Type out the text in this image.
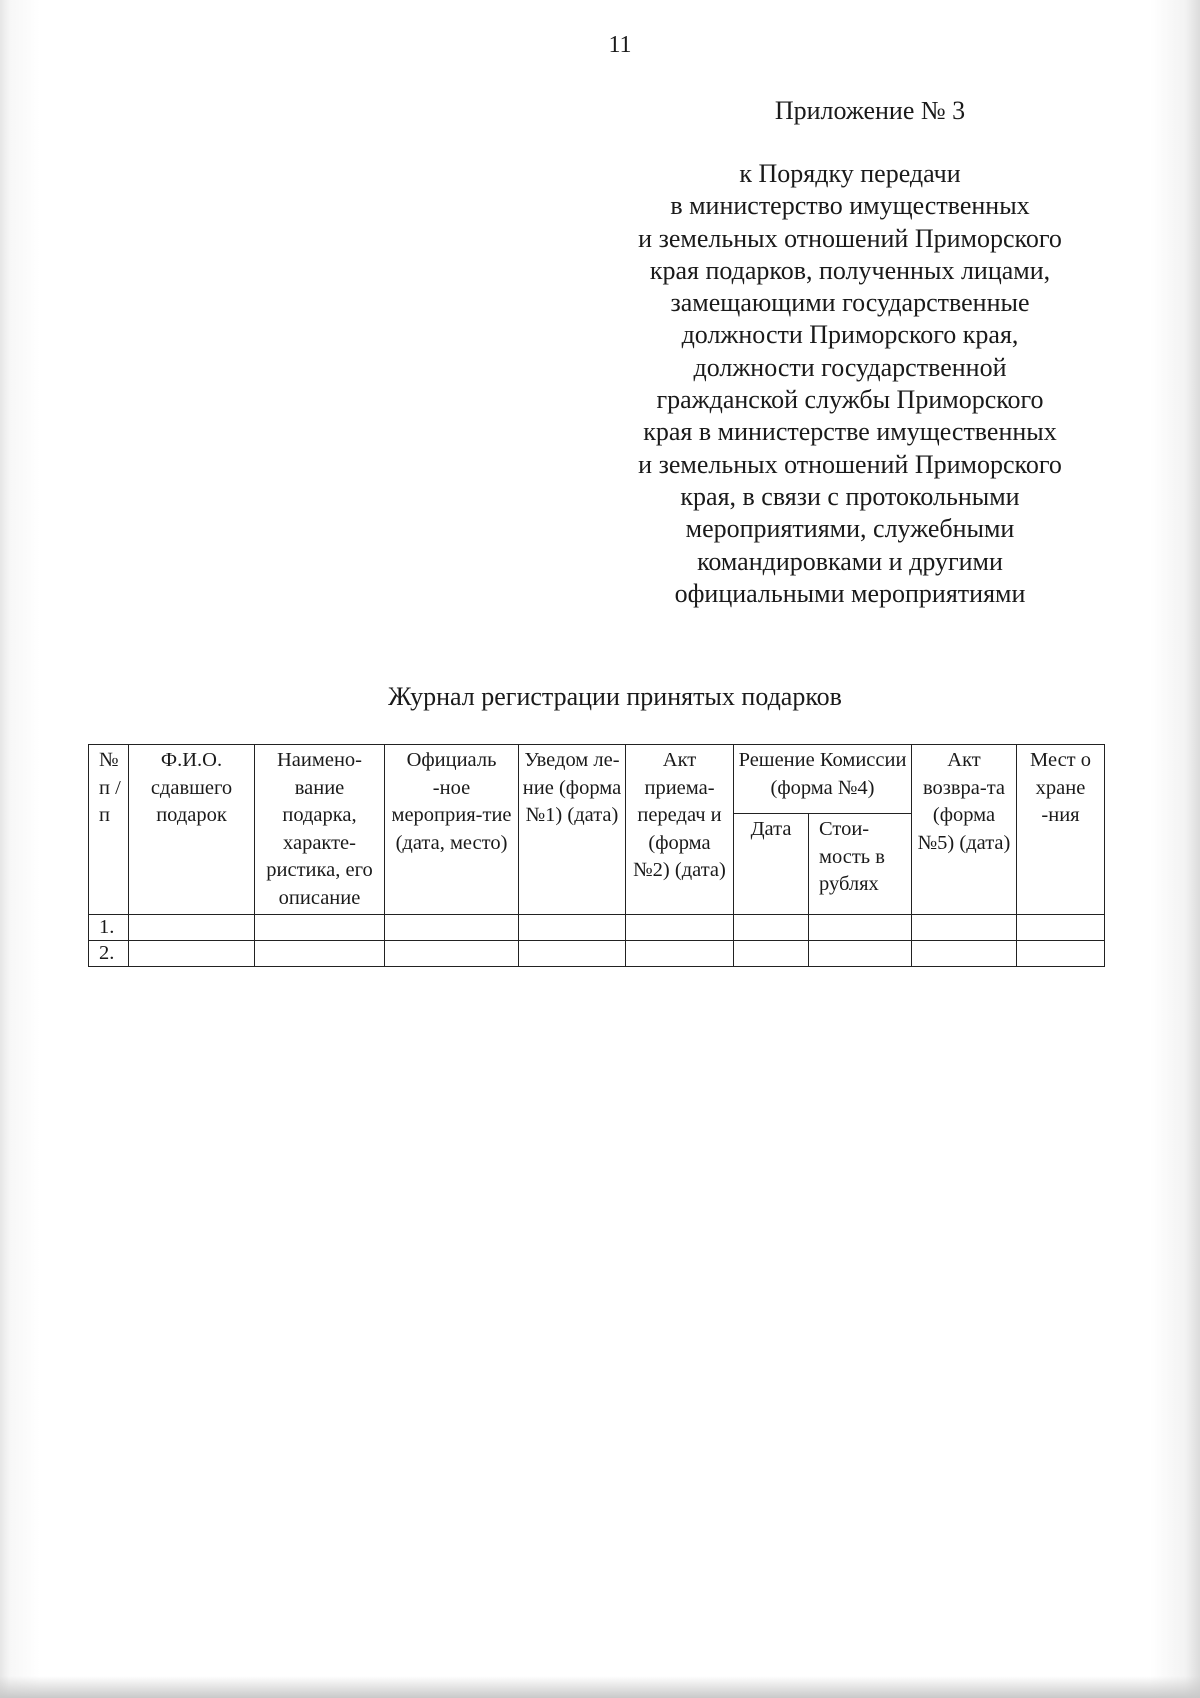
11
Приложение № 3
к Порядку передачи
в министерство имущественных
и земельных отношений Приморского
края подарков, полученных лицами,
замещающими государственные
должности Приморского края,
должности государственной
гражданской службы Приморского
края в министерстве имущественных
и земельных отношений Приморского
края, в связи с протокольными
мероприятиями, служебными
командировками и другими
официальными мероприятиями
Журнал регистрации принятых подарков
№ п /п	Ф.И.О. сдавшего подарок	Наимено-вание подарка, характе-ристика, его описание	Официаль -ное мероприя-тие (дата, место)	Уведом ле-ние (форма №1) (дата)	Акт приема-передач и (форма №2) (дата)	Решение Комиссии (форма №4)		Акт возвра-та (форма №5) (дата)	Мест о хране -ния
						Дата	Стои-мость в рублях		
1.									
2.									
